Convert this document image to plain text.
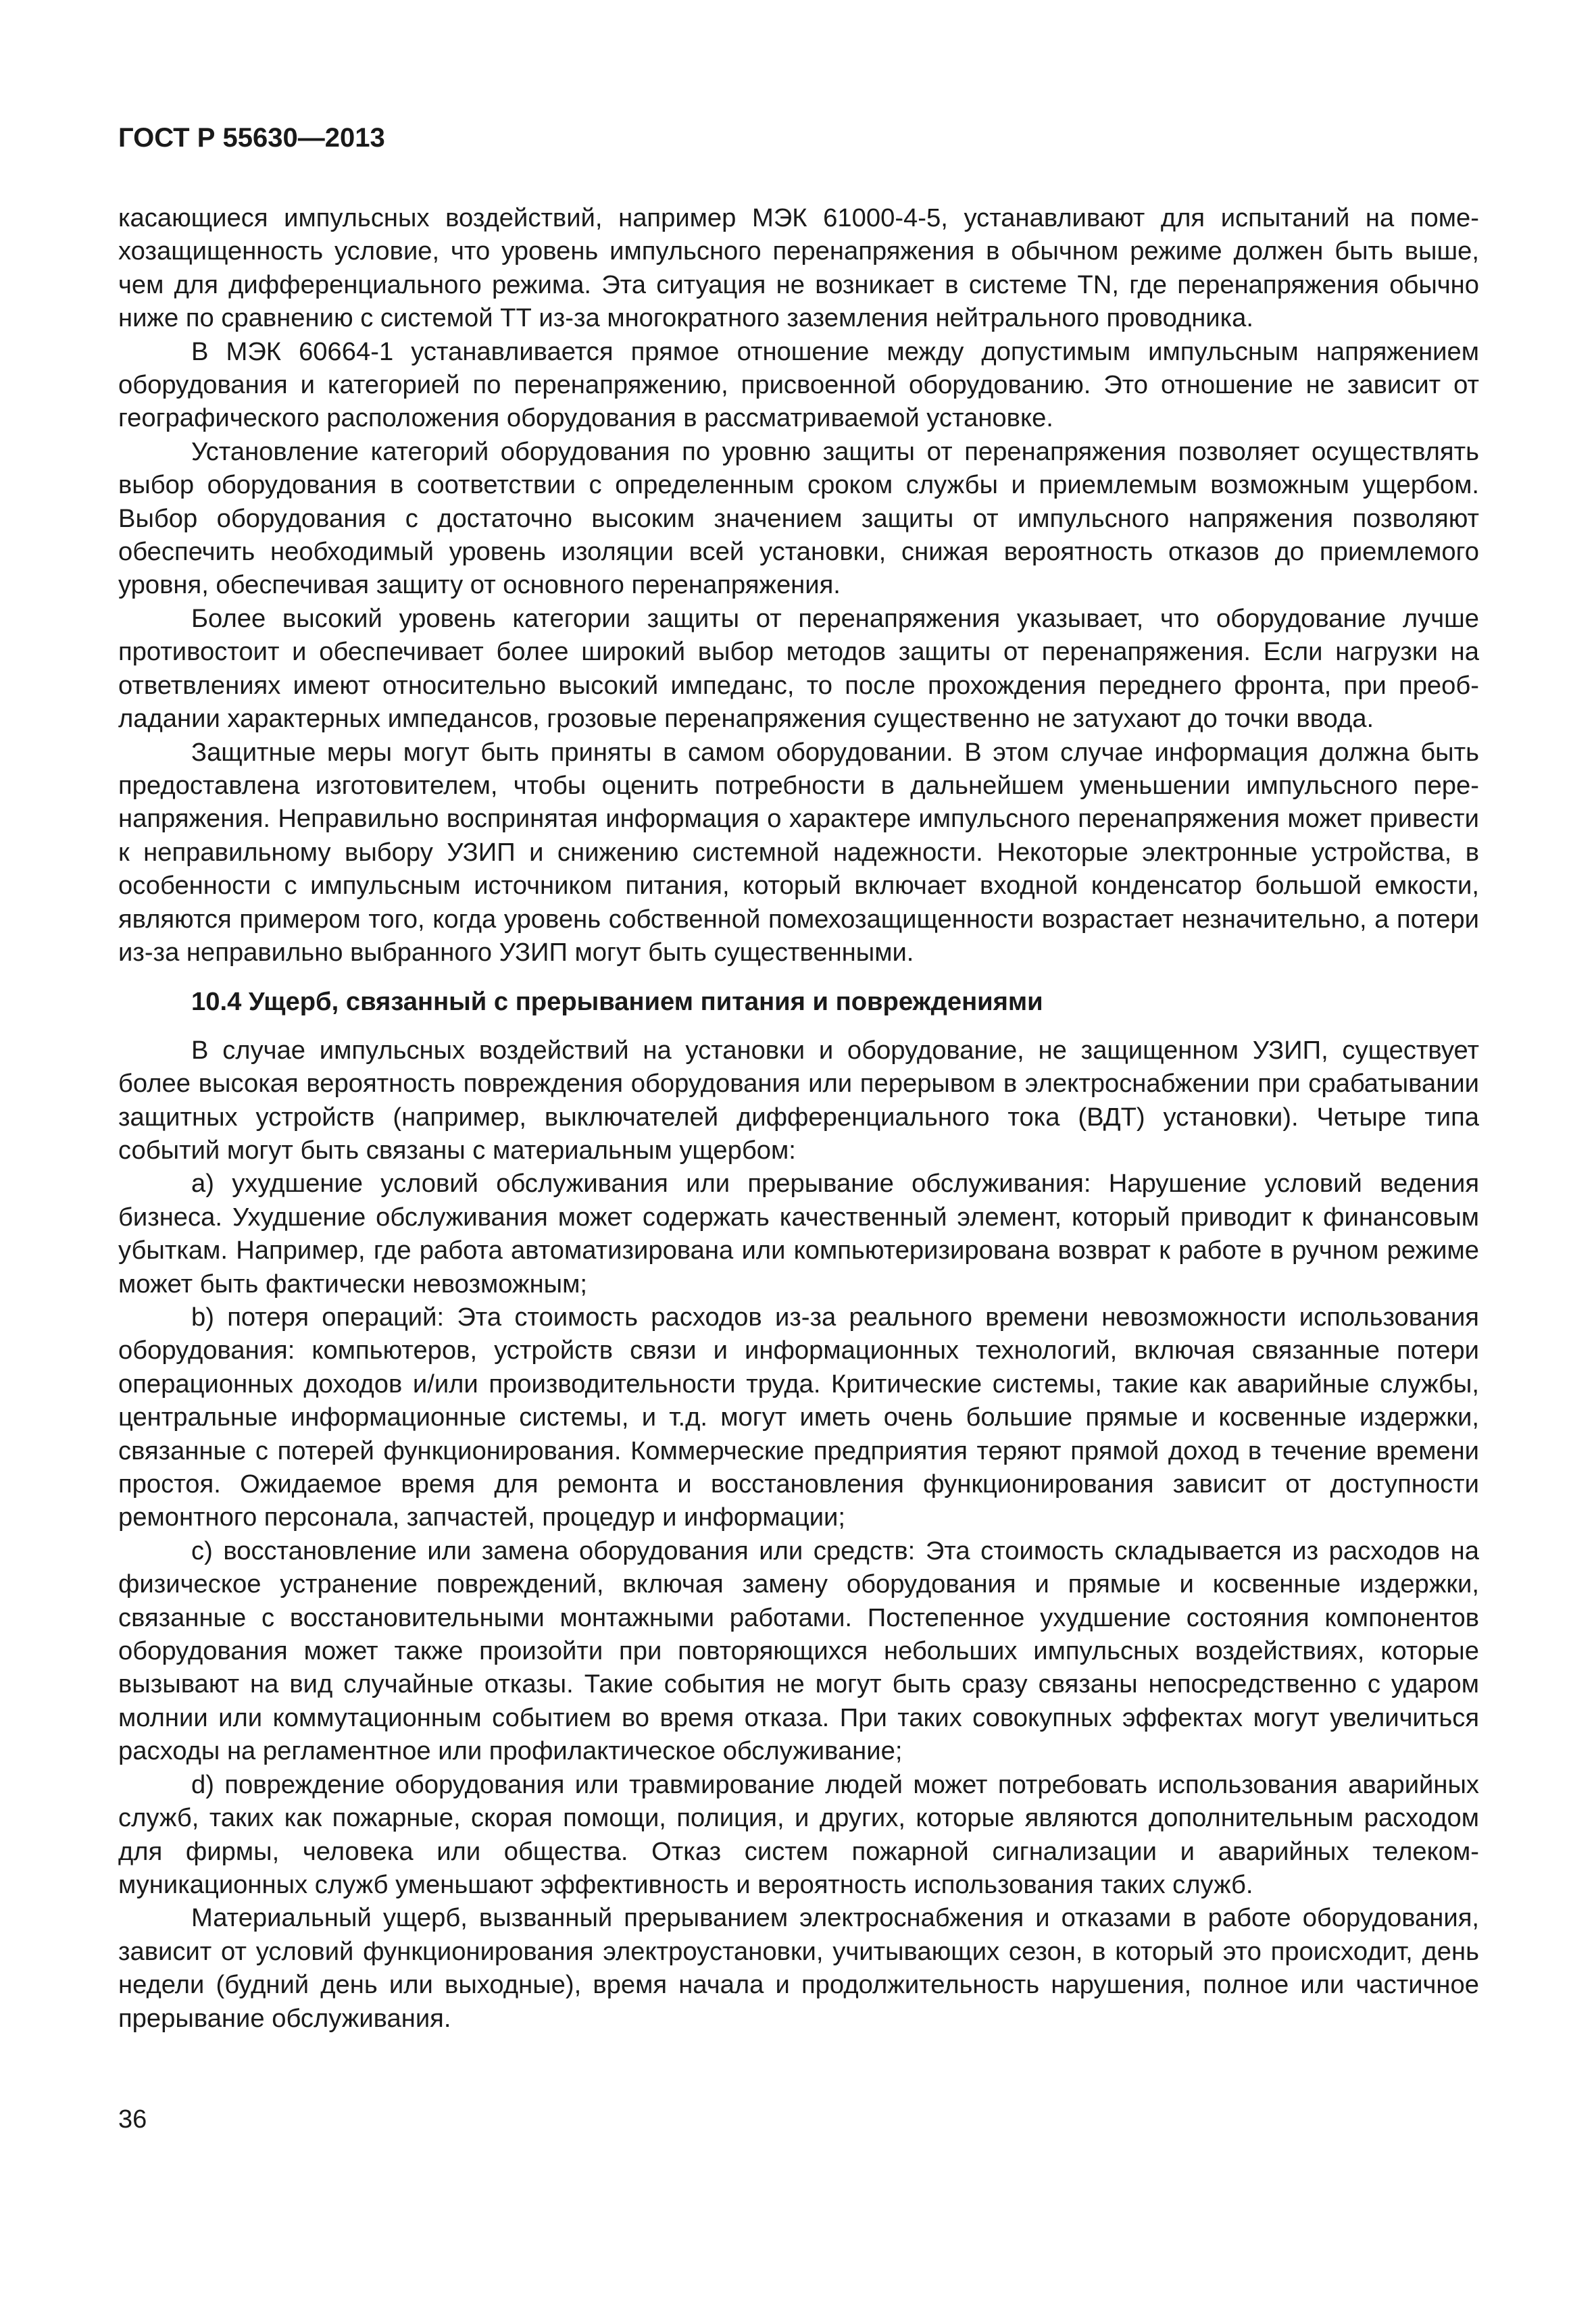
ГОСТ Р 55630—2013

касающиеся импульсных воздействий, например МЭК 61000-4-5, устанавливают для испытаний на помехозащищенность условие, что уровень импульсного перенапряжения в обычном режиме должен быть выше, чем для дифференциального режима. Эта ситуация не возникает в системе TN, где перенапряжения обычно ниже по сравнению с системой ТТ из-за многократного заземления нейтрального проводника.

В МЭК 60664-1 устанавливается прямое отношение между допустимым импульсным напряжением оборудования и категорией по перенапряжению, присвоенной оборудованию. Это отношение не зависит от географического расположения оборудования в рассматриваемой установке.

Установление категорий оборудования по уровню защиты от перенапряжения позволяет осуществлять выбор оборудования в соответствии с определенным сроком службы и приемлемым возможным ущербом. Выбор оборудования с достаточно высоким значением защиты от импульсного напряжения позволяют обеспечить необходимый уровень изоляции всей установки, снижая вероятность отказов до приемлемого уровня, обеспечивая защиту от основного перенапряжения.

Более высокий уровень категории защиты от перенапряжения указывает, что оборудование лучше противостоит и обеспечивает более широкий выбор методов защиты от перенапряжения. Если нагрузки на ответвлениях имеют относительно высокий импеданс, то после прохождения переднего фронта, при преобладании характерных импедансов, грозовые перенапряжения существенно не затухают до точки ввода.

Защитные меры могут быть приняты в самом оборудовании. В этом случае информация должна быть предоставлена изготовителем, чтобы оценить потребности в дальнейшем уменьшении импульсного перенапряжения. Неправильно воспринятая информация о характере импульсного перенапряжения может привести к неправильному выбору УЗИП и снижению системной надежности. Некоторые электронные устройства, в особенности с импульсным источником питания, который включает входной конденсатор большой емкости, являются примером того, когда уровень собственной помехозащищенности возрастает незначительно, а потери из-за неправильно выбранного УЗИП могут быть существенными.

10.4 Ущерб, связанный с прерыванием питания и повреждениями

В случае импульсных воздействий на установки и оборудование, не защищенном УЗИП, существует более высокая вероятность повреждения оборудования или перерывом в электроснабжении при срабатывании защитных устройств (например, выключателей дифференциального тока (ВДТ) установки). Четыре типа событий могут быть связаны с материальным ущербом:

а) ухудшение условий обслуживания или прерывание обслуживания: Нарушение условий ведения бизнеса. Ухудшение обслуживания может содержать качественный элемент, который приводит к финансовым убыткам. Например, где работа автоматизирована или компьютеризирована возврат к работе в ручном режиме может быть фактически невозможным;

b) потеря операций: Эта стоимость расходов из-за реального времени невозможности использования оборудования: компьютеров, устройств связи и информационных технологий, включая связанные потери операционных доходов и/или производительности труда. Критические системы, такие как аварийные службы, центральные информационные системы, и т.д. могут иметь очень большие прямые и косвенные издержки, связанные с потерей функционирования. Коммерческие предприятия теряют прямой доход в течение времени простоя. Ожидаемое время для ремонта и восстановления функционирования зависит от доступности ремонтного персонала, запчастей, процедур и информации;

с) восстановление или замена оборудования или средств: Эта стоимость складывается из расходов на физическое устранение повреждений, включая замену оборудования и прямые и косвенные издержки, связанные с восстановительными монтажными работами. Постепенное ухудшение состояния компонентов оборудования может также произойти при повторяющихся небольших импульсных воздействиях, которые вызывают на вид случайные отказы. Такие события не могут быть сразу связаны непосредственно с ударом молнии или коммутационным событием во время отказа. При таких совокупных эффектах могут увеличиться расходы на регламентное или профилактическое обслуживание;

d) повреждение оборудования или травмирование людей может потребовать использования аварийных служб, таких как пожарные, скорая помощи, полиция, и других, которые являются дополнительным расходом для фирмы, человека или общества. Отказ систем пожарной сигнализации и аварийных телекоммуникационных служб уменьшают эффективность и вероятность использования таких служб.

Материальный ущерб, вызванный прерыванием электроснабжения и отказами в работе оборудования, зависит от условий функционирования электроустановки, учитывающих сезон, в который это происходит, день недели (будний день или выходные), время начала и продолжительность нарушения, полное или частичное прерывание обслуживания.

36
